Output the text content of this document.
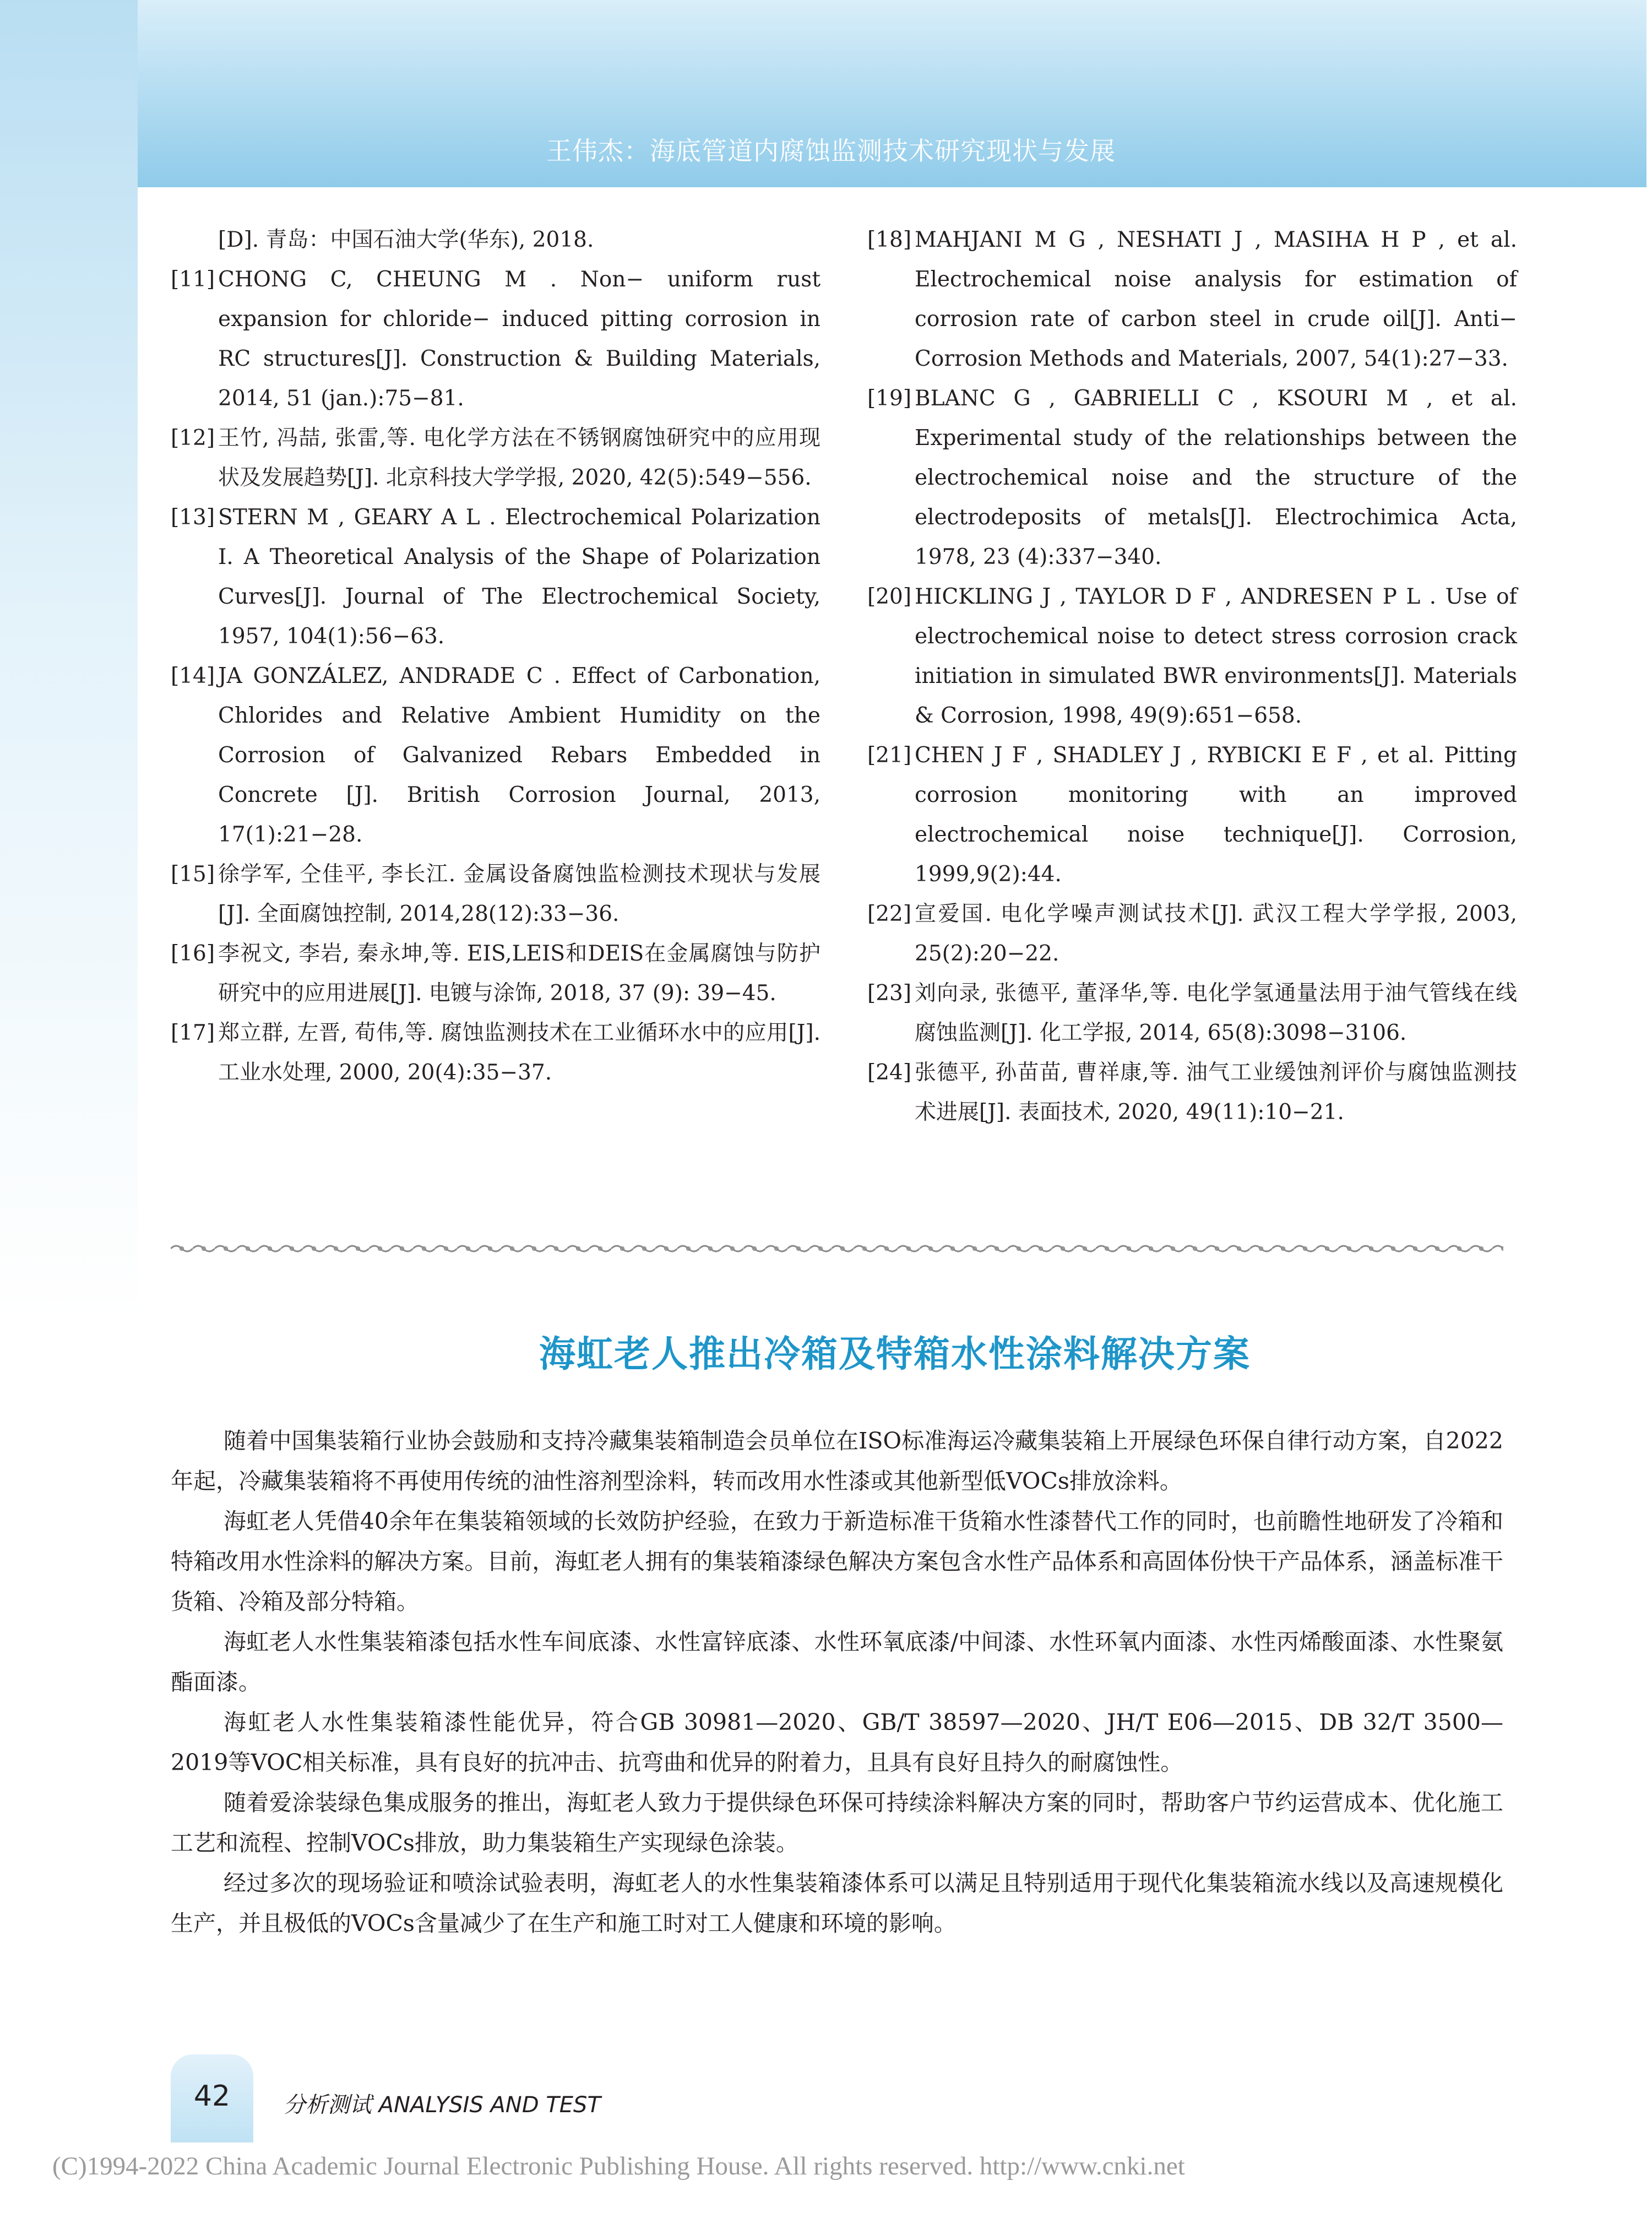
王伟杰：海底管道内腐蚀监测技术研究现状与发展
[D]. 青岛：中国石油大学(华东), 2018.
[11] CHONG C, CHEUNG M . Non− uniform rust expansion for chloride− induced pitting corrosion in RC structures[J]. Construction & Building Materials, 2014, 51 (jan.):75−81.
[12] 王竹, 冯喆, 张雷,等. 电化学方法在不锈钢腐蚀研究中的应用现状及发展趋势[J]. 北京科技大学学报, 2020, 42(5):549−556.
[13] STERN M , GEARY A L . Electrochemical Polarization I. A Theoretical Analysis of the Shape of Polarization Curves[J]. Journal of The Electrochemical Society, 1957, 104(1):56−63.
[14] JA GONZÁLEZ, ANDRADE C . Effect of Carbonation, Chlorides and Relative Ambient Humidity on the Corrosion of Galvanized Rebars Embedded in Concrete [J]. British Corrosion Journal, 2013, 17(1):21−28.
[15] 徐学军, 仝佳平, 李长江. 金属设备腐蚀监检测技术现状与发展[J]. 全面腐蚀控制, 2014,28(12):33−36.
[16] 李祝文, 李岩, 秦永坤,等. EIS,LEIS和DEIS在金属腐蚀与防护研究中的应用进展[J]. 电镀与涂饰, 2018, 37 (9): 39−45.
[17] 郑立群, 左晋, 荀伟,等. 腐蚀监测技术在工业循环水中的应用[J]. 工业水处理, 2000, 20(4):35−37.
[18] MAHJANI M G , NESHATI J , MASIHA H P , et al. Electrochemical noise analysis for estimation of corrosion rate of carbon steel in crude oil[J]. Anti− Corrosion Methods and Materials, 2007, 54(1):27−33.
[19] BLANC G , GABRIELLI C , KSOURI M , et al. Experimental study of the relationships between the electrochemical noise and the structure of the electrodeposits of metals[J]. Electrochimica Acta, 1978, 23 (4):337−340.
[20] HICKLING J , TAYLOR D F , ANDRESEN P L . Use of electrochemical noise to detect stress corrosion crack initiation in simulated BWR environments[J]. Materials & Corrosion, 1998, 49(9):651−658.
[21] CHEN J F , SHADLEY J , RYBICKI E F , et al. Pitting corrosion monitoring with an improved electrochemical noise technique[J]. Corrosion, 1999,9(2):44.
[22] 宣爱国. 电化学噪声测试技术[J]. 武汉工程大学学报, 2003, 25(2):20−22.
[23] 刘向录, 张德平, 董泽华,等. 电化学氢通量法用于油气管线在线腐蚀监测[J]. 化工学报, 2014, 65(8):3098−3106.
[24] 张德平, 孙苗苗, 曹祥康,等. 油气工业缓蚀剂评价与腐蚀监测技术进展[J]. 表面技术, 2020, 49(11):10−21.
海虹老人推出冷箱及特箱水性涂料解决方案

随着中国集装箱行业协会鼓励和支持冷藏集装箱制造会员单位在ISO标准海运冷藏集装箱上开展绿色环保自律行动方案，自2022年起，冷藏集装箱将不再使用传统的油性溶剂型涂料，转而改用水性漆或其他新型低VOCs排放涂料。

海虹老人凭借40余年在集装箱领域的长效防护经验，在致力于新造标准干货箱水性漆替代工作的同时，也前瞻性地研发了冷箱和特箱改用水性涂料的解决方案。目前，海虹老人拥有的集装箱漆绿色解决方案包含水性产品体系和高固体份快干产品体系，涵盖标准干货箱、冷箱及部分特箱。

海虹老人水性集装箱漆包括水性车间底漆、水性富锌底漆、水性环氧底漆/中间漆、水性环氧内面漆、水性丙烯酸面漆、水性聚氨酯面漆。

海虹老人水性集装箱漆性能优异，符合GB 30981—2020、GB/T 38597—2020、JH/T E06—2015、DB 32/T 3500—2019等VOC相关标准，具有良好的抗冲击、抗弯曲和优异的附着力，且具有良好且持久的耐腐蚀性。

随着爱涂装绿色集成服务的推出，海虹老人致力于提供绿色环保可持续涂料解决方案的同时，帮助客户节约运营成本、优化施工工艺和流程、控制VOCs排放，助力集装箱生产实现绿色涂装。

经过多次的现场验证和喷涂试验表明，海虹老人的水性集装箱漆体系可以满足且特别适用于现代化集装箱流水线以及高速规模化生产，并且极低的VOCs含量减少了在生产和施工时对工人健康和环境的影响。

42	分析测试 ANALYSIS AND TEST
(C)1994-2022 China Academic Journal Electronic Publishing House. All rights reserved. http://www.cnki.net
